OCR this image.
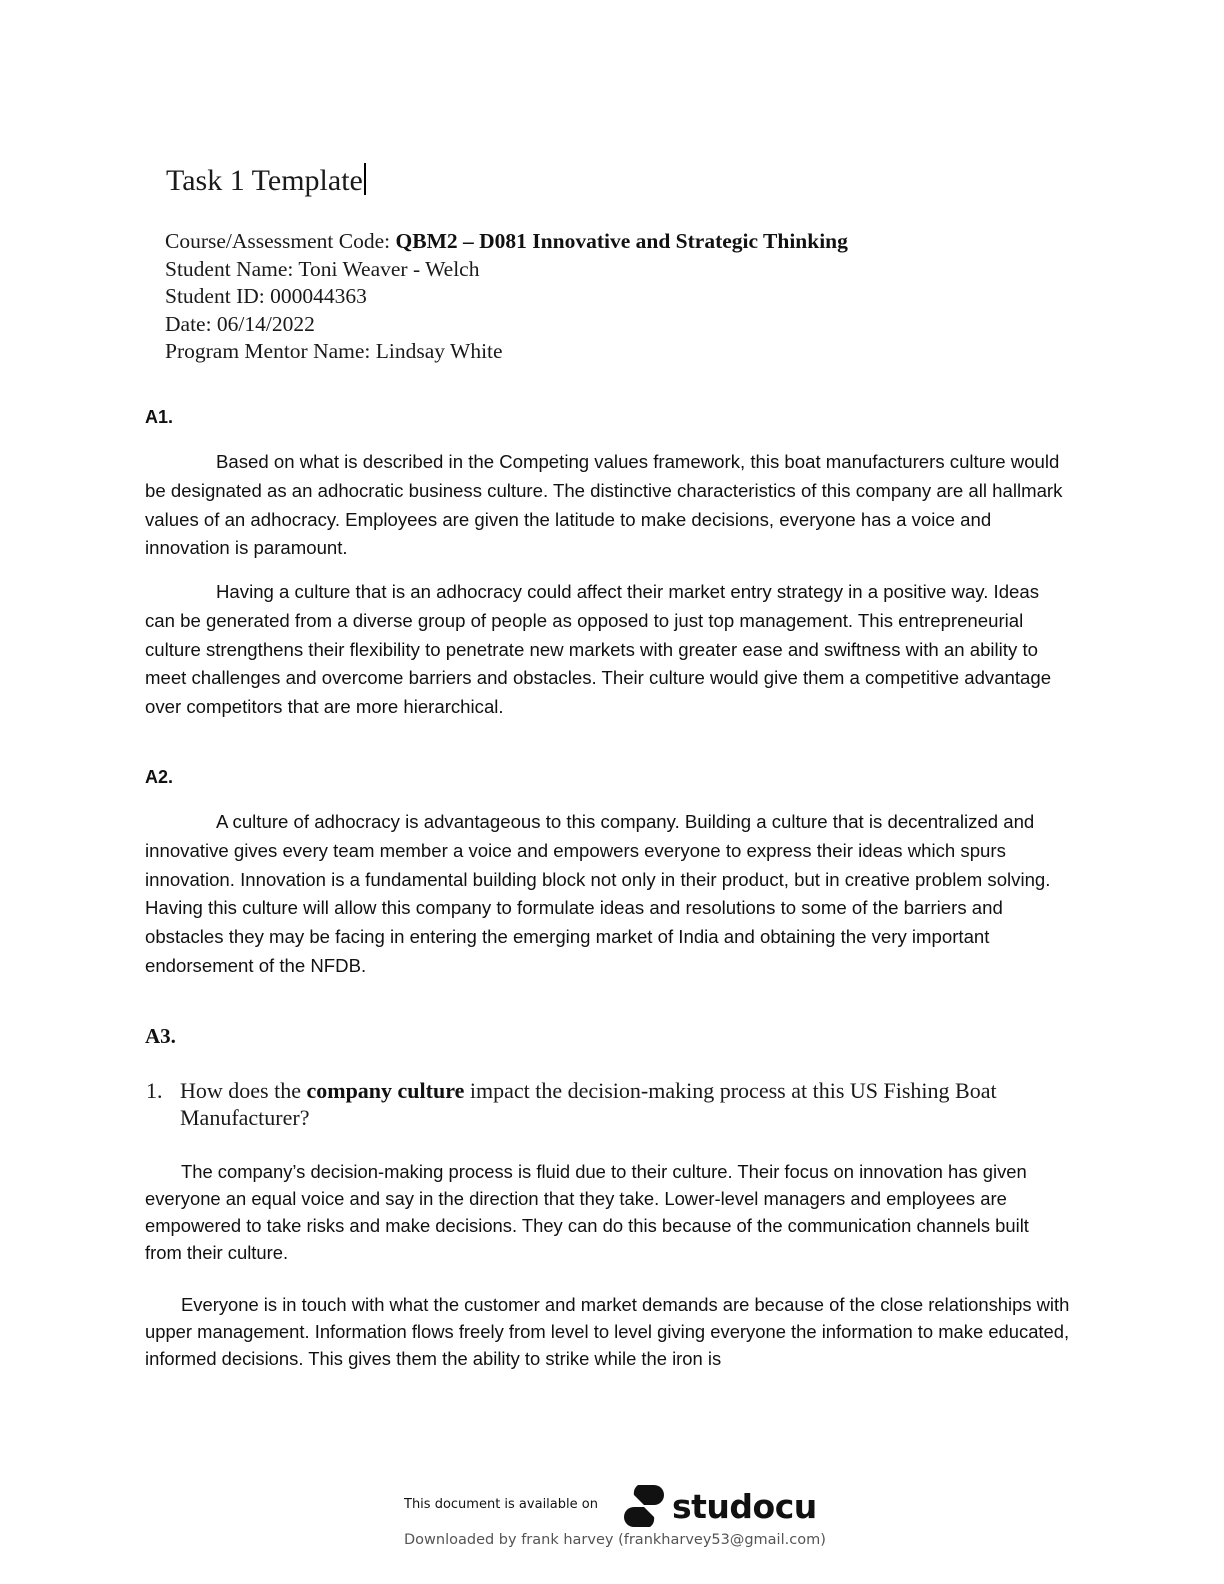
Task 1 Template
Course/Assessment Code: QBM2 – D081 Innovative and Strategic Thinking
Student Name: Toni Weaver - Welch
Student ID: 000044363
Date: 06/14/2022
Program Mentor Name: Lindsay White
A1.
Based on what is described in the Competing values framework, this boat manufacturers culture would be designated as an adhocratic business culture. The distinctive characteristics of this company are all hallmark values of an adhocracy. Employees are given the latitude to make decisions, everyone has a voice and innovation is paramount.
Having a culture that is an adhocracy could affect their market entry strategy in a positive way. Ideas can be generated from a diverse group of people as opposed to just top management. This entrepreneurial culture strengthens their flexibility to penetrate new markets with greater ease and swiftness with an ability to meet challenges and overcome barriers and obstacles. Their culture would give them a competitive advantage over competitors that are more hierarchical.
A2.
A culture of adhocracy is advantageous to this company. Building a culture that is decentralized and innovative gives every team member a voice and empowers everyone to express their ideas which spurs innovation. Innovation is a fundamental building block not only in their product, but in creative problem solving. Having this culture will allow this company to formulate ideas and resolutions to some of the barriers and obstacles they may be facing in entering the emerging market of India and obtaining the very important endorsement of the NFDB.
A3.
1. How does the company culture impact the decision-making process at this US Fishing Boat Manufacturer?
The company’s decision-making process is fluid due to their culture. Their focus on innovation has given everyone an equal voice and say in the direction that they take. Lower-level managers and employees are empowered to take risks and make decisions. They can do this because of the communication channels built from their culture.
Everyone is in touch with what the customer and market demands are because of the close relationships with upper management. Information flows freely from level to level giving everyone the information to make educated, informed decisions. This gives them the ability to strike while the iron is
This document is available on studocu
Downloaded by frank harvey (frankharvey53@gmail.com)
